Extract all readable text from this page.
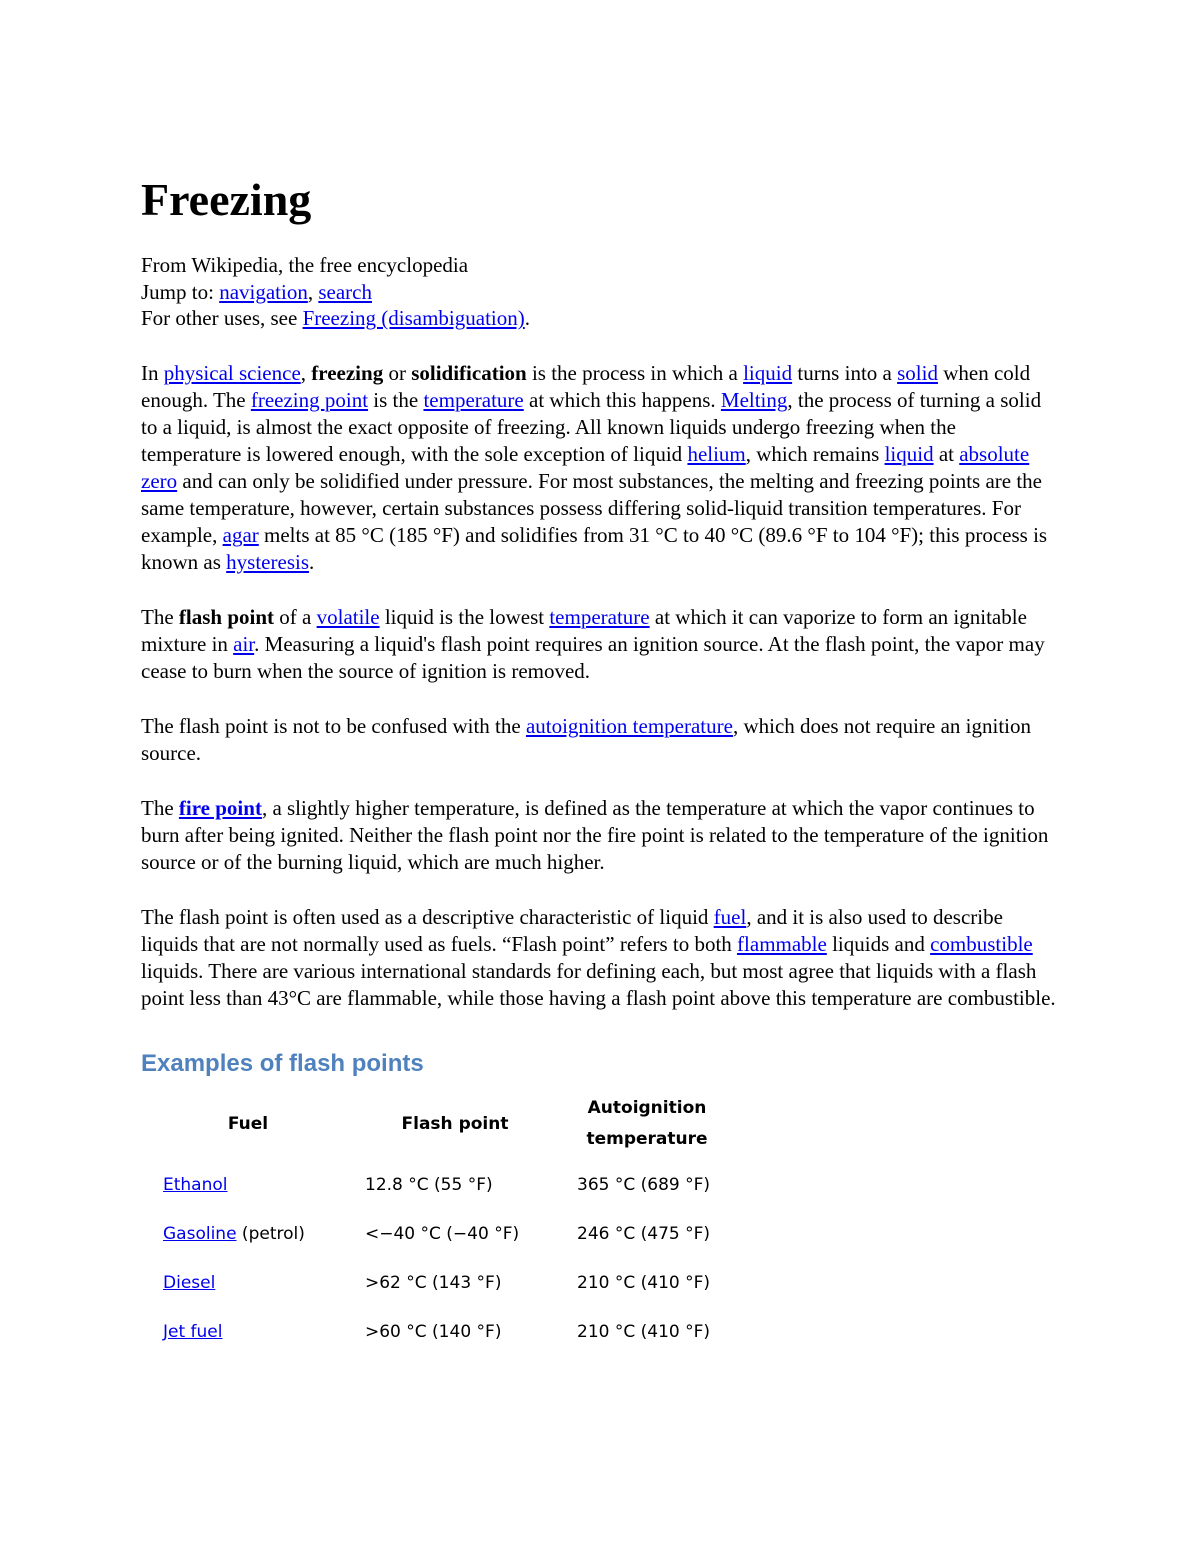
Freezing

From Wikipedia, the free encyclopedia

Jump to: navigation, search

For other uses, see Freezing (disambiguation).

In physical science, freezing or solidification is the process in which a liquid turns into a solid when cold enough. The freezing point is the temperature at which this happens. Melting, the process of turning a solid to a liquid, is almost the exact opposite of freezing. All known liquids undergo freezing when the temperature is lowered enough, with the sole exception of liquid helium, which remains liquid at absolute zero and can only be solidified under pressure. For most substances, the melting and freezing points are the same temperature, however, certain substances possess differing solid-liquid transition temperatures. For example, agar melts at 85 °C (185 °F) and solidifies from 31 °C to 40 °C (89.6 °F to 104 °F); this process is known as hysteresis.

The flash point of a volatile liquid is the lowest temperature at which it can vaporize to form an ignitable mixture in air. Measuring a liquid's flash point requires an ignition source. At the flash point, the vapor may cease to burn when the source of ignition is removed.

The flash point is not to be confused with the autoignition temperature, which does not require an ignition source.

The fire point, a slightly higher temperature, is defined as the temperature at which the vapor continues to burn after being ignited. Neither the flash point nor the fire point is related to the temperature of the ignition source or of the burning liquid, which are much higher.

The flash point is often used as a descriptive characteristic of liquid fuel, and it is also used to describe liquids that are not normally used as fuels. “Flash point” refers to both flammable liquids and combustible liquids. There are various international standards for defining each, but most agree that liquids with a flash point less than 43°C are flammable, while those having a flash point above this temperature are combustible.

Examples of flash points
Fuel	Flash point	Autoignition
temperature
Ethanol	12.8 °C (55 °F)	365 °C (689 °F)
Gasoline (petrol)	<−40 °C (−40 °F)	246 °C (475 °F)
Diesel	>62 °C (143 °F)	210 °C (410 °F)
Jet fuel	>60 °C (140 °F)	210 °C (410 °F)
